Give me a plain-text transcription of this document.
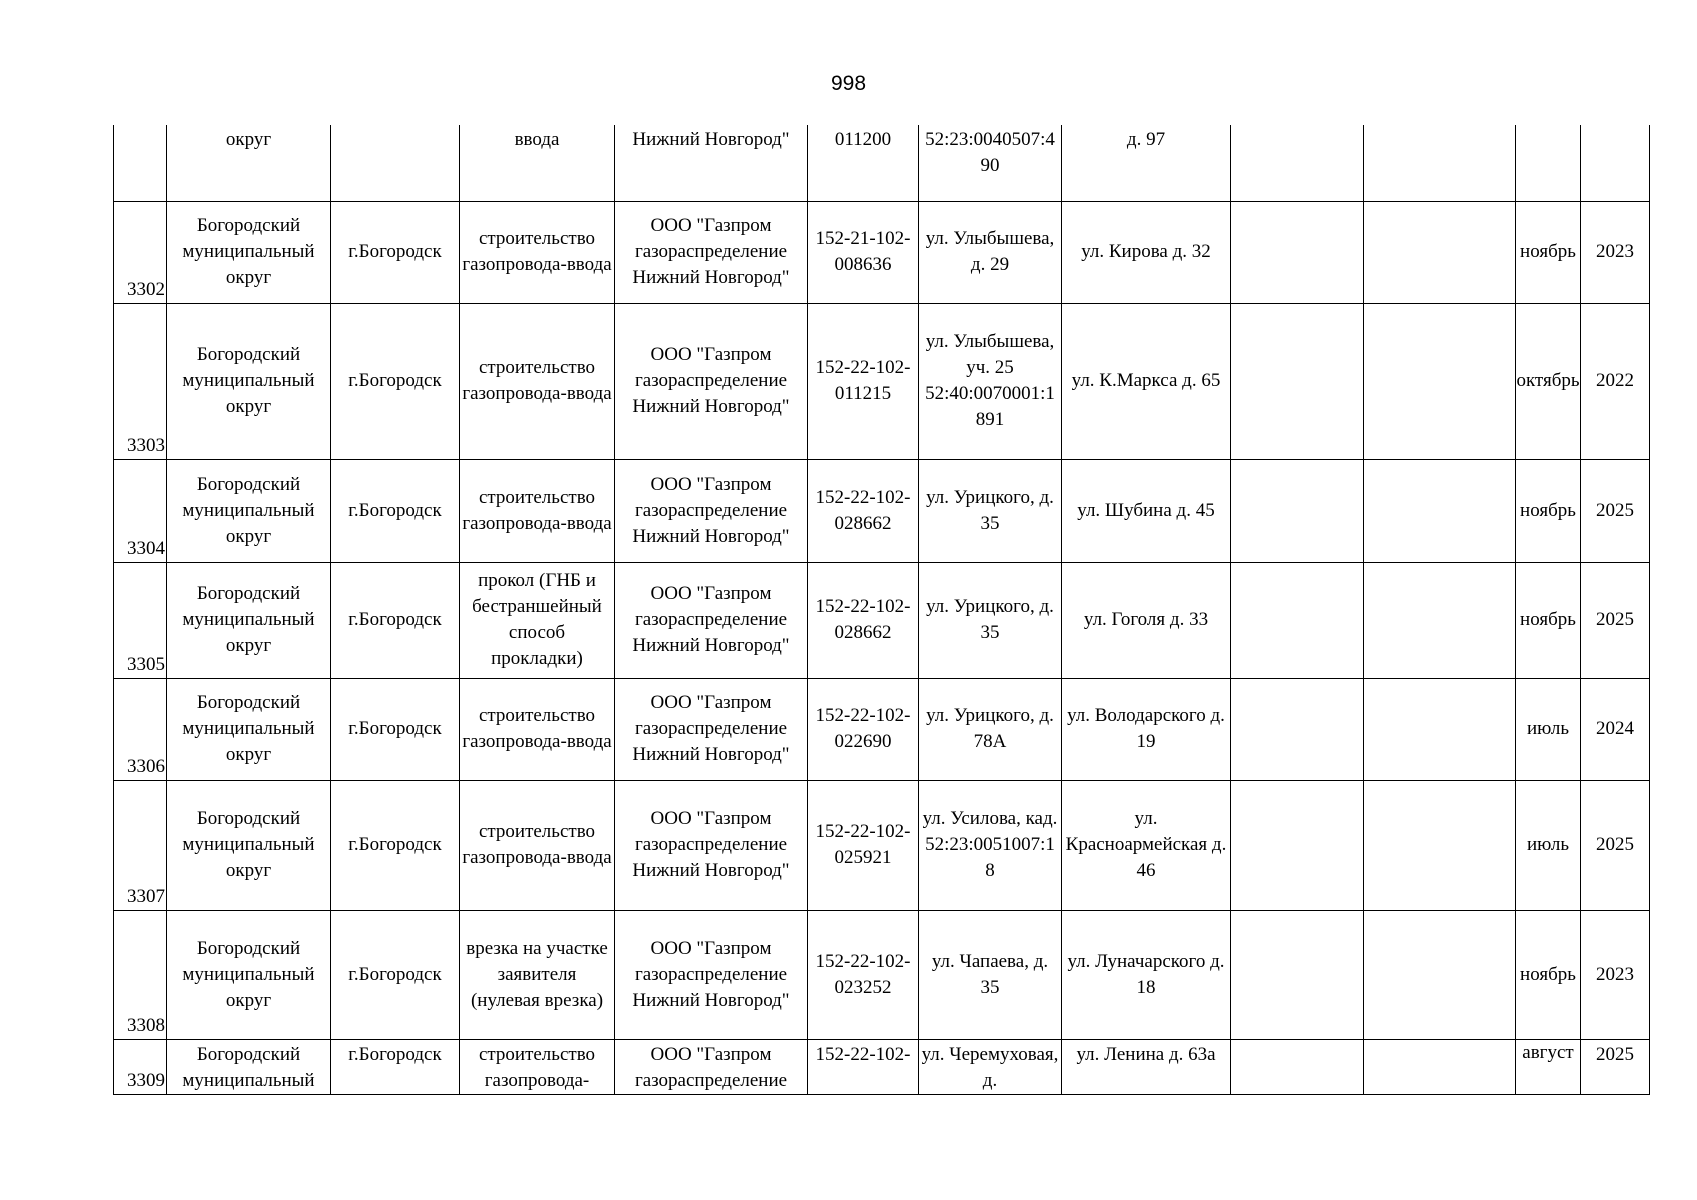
998
	округ		ввода	Нижний Новгород"	011200	52:23:0040507:490	д. 97				
3302	Богородский муниципальный округ	г.Богородск	строительство газопровода-ввода	ООО "Газпром газораспределение Нижний Новгород"	152-21-102-008636	ул. Улыбышева, д. 29	ул. Кирова д. 32			ноябрь	2023
3303	Богородский муниципальный округ	г.Богородск	строительство газопровода-ввода	ООО "Газпром газораспределение Нижний Новгород"	152-22-102-011215	ул. Улыбышева, уч. 25 52:40:0070001:1891	ул. К.Маркса д. 65			октябрь	2022
3304	Богородский муниципальный округ	г.Богородск	строительство газопровода-ввода	ООО "Газпром газораспределение Нижний Новгород"	152-22-102-028662	ул. Урицкого, д. 35	ул. Шубина д. 45			ноябрь	2025
3305	Богородский муниципальный округ	г.Богородск	прокол (ГНБ и бестраншейный способ прокладки)	ООО "Газпром газораспределение Нижний Новгород"	152-22-102-028662	ул. Урицкого, д. 35	ул. Гоголя д. 33			ноябрь	2025
3306	Богородский муниципальный округ	г.Богородск	строительство газопровода-ввода	ООО "Газпром газораспределение Нижний Новгород"	152-22-102-022690	ул. Урицкого, д. 78А	ул. Володарского д. 19			июль	2024
3307	Богородский муниципальный округ	г.Богородск	строительство газопровода-ввода	ООО "Газпром газораспределение Нижний Новгород"	152-22-102-025921	ул. Усилова, кад. 52:23:0051007:18	ул. Красноармейская д. 46			июль	2025
3308	Богородский муниципальный округ	г.Богородск	врезка на участке заявителя (нулевая врезка)	ООО "Газпром газораспределение Нижний Новгород"	152-22-102-023252	ул. Чапаева, д. 35	ул. Луначарского д. 18			ноябрь	2023
3309	Богородский муниципальный	г.Богородск	строительство газопровода-	ООО "Газпром газораспределение	152-22-102-	ул. Черемуховая, д.	ул. Ленина д. 63а			август	2025
